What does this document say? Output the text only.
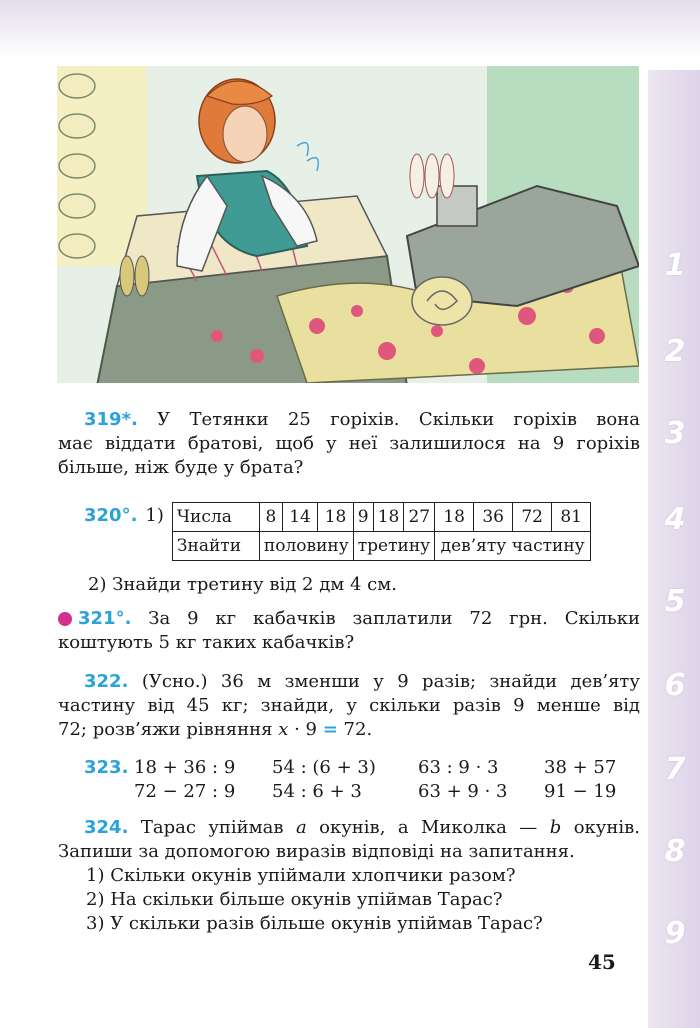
1
2
3
4
5
6
7
8
9
319*. У Тетянки 25 горіхів. Скільки горіхів вона
має віддати братові, щоб у неї залишилося на 9 горіхів
більше, ніж буде у брата?
320°. 1) Числа	8	14	18	9	18	27	18	36	72	81
Знайти	половину			третину			дев’яту частину			
2) Знайди третину від 2 дм 4 см.
321°. За 9 кг кабачків заплатили 72 грн. Скільки
коштують 5 кг таких кабачків?
322. (Усно.) 36 м зменши у 9 разів; знайди дев’яту
частину від 45 кг; знайди, у скільки разів 9 менше від
72; розв’яжи рівняння x · 9 = 72.
323. 18 + 36 : 9	54 : (6 + 3)	63 : 9 · 3	38 + 57
72 − 27 : 9	54 : 6 + 3	63 + 9 · 3	91 − 19
324. Тарас упіймав a окунів, а Миколка — b окунів.
Запиши за допомогою виразів відповіді на запитання.
1) Скільки окунів упіймали хлопчики разом?
2) На скільки більше окунів упіймав Тарас?
3) У скільки разів більше окунів упіймав Тарас?
45
